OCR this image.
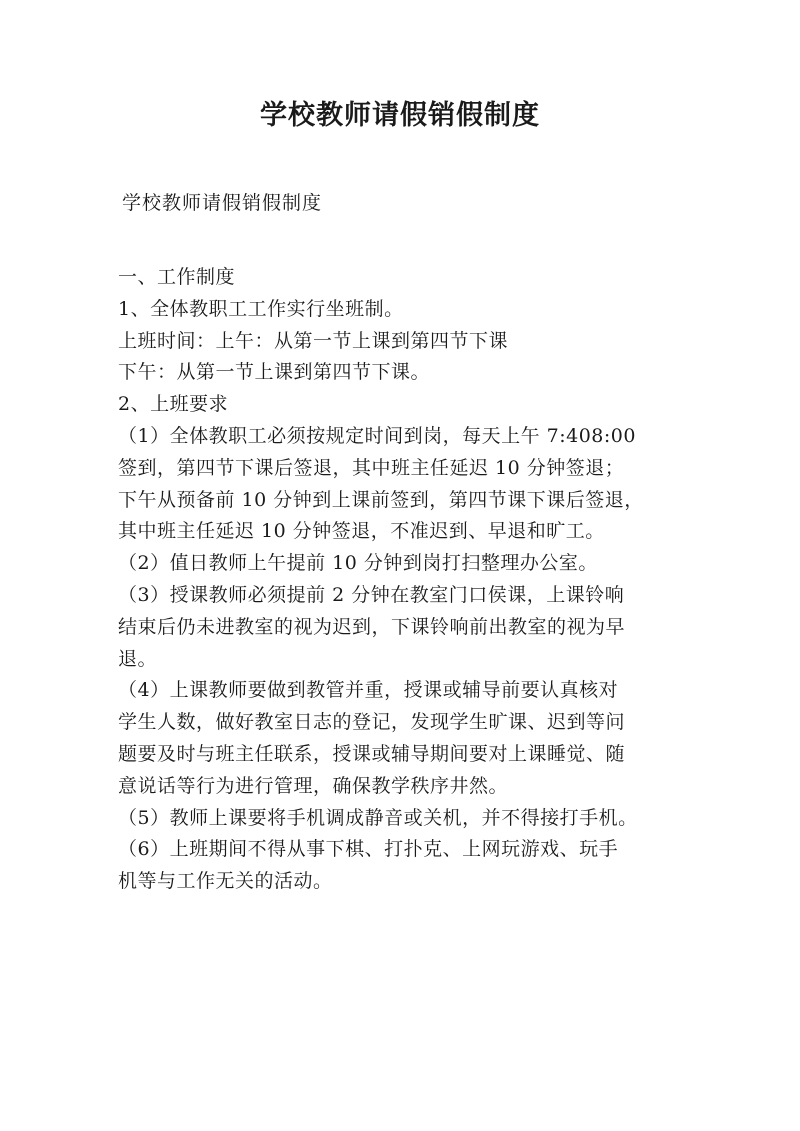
学校教师请假销假制度

学校教师请假销假制度

一、工作制度

1、全体教职工工作实行坐班制。

上班时间：上午：从第一节上课到第四节下课

下午：从第一节上课到第四节下课。

2、上班要求

（1）全体教职工必须按规定时间到岗，每天上午 7:408:00

签到，第四节下课后签退，其中班主任延迟 10 分钟签退；

下午从预备前 10 分钟到上课前签到，第四节课下课后签退，

其中班主任延迟 10 分钟签退，不准迟到、早退和旷工。

（2）值日教师上午提前 10 分钟到岗打扫整理办公室。

（3）授课教师必须提前 2 分钟在教室门口侯课，上课铃响

结束后仍未进教室的视为迟到，下课铃响前出教室的视为早

退。

（4）上课教师要做到教管并重，授课或辅导前要认真核对

学生人数，做好教室日志的登记，发现学生旷课、迟到等问

题要及时与班主任联系，授课或辅导期间要对上课睡觉、随

意说话等行为进行管理，确保教学秩序井然。

（5）教师上课要将手机调成静音或关机，并不得接打手机。

（6）上班期间不得从事下棋、打扑克、上网玩游戏、玩手

机等与工作无关的活动。
